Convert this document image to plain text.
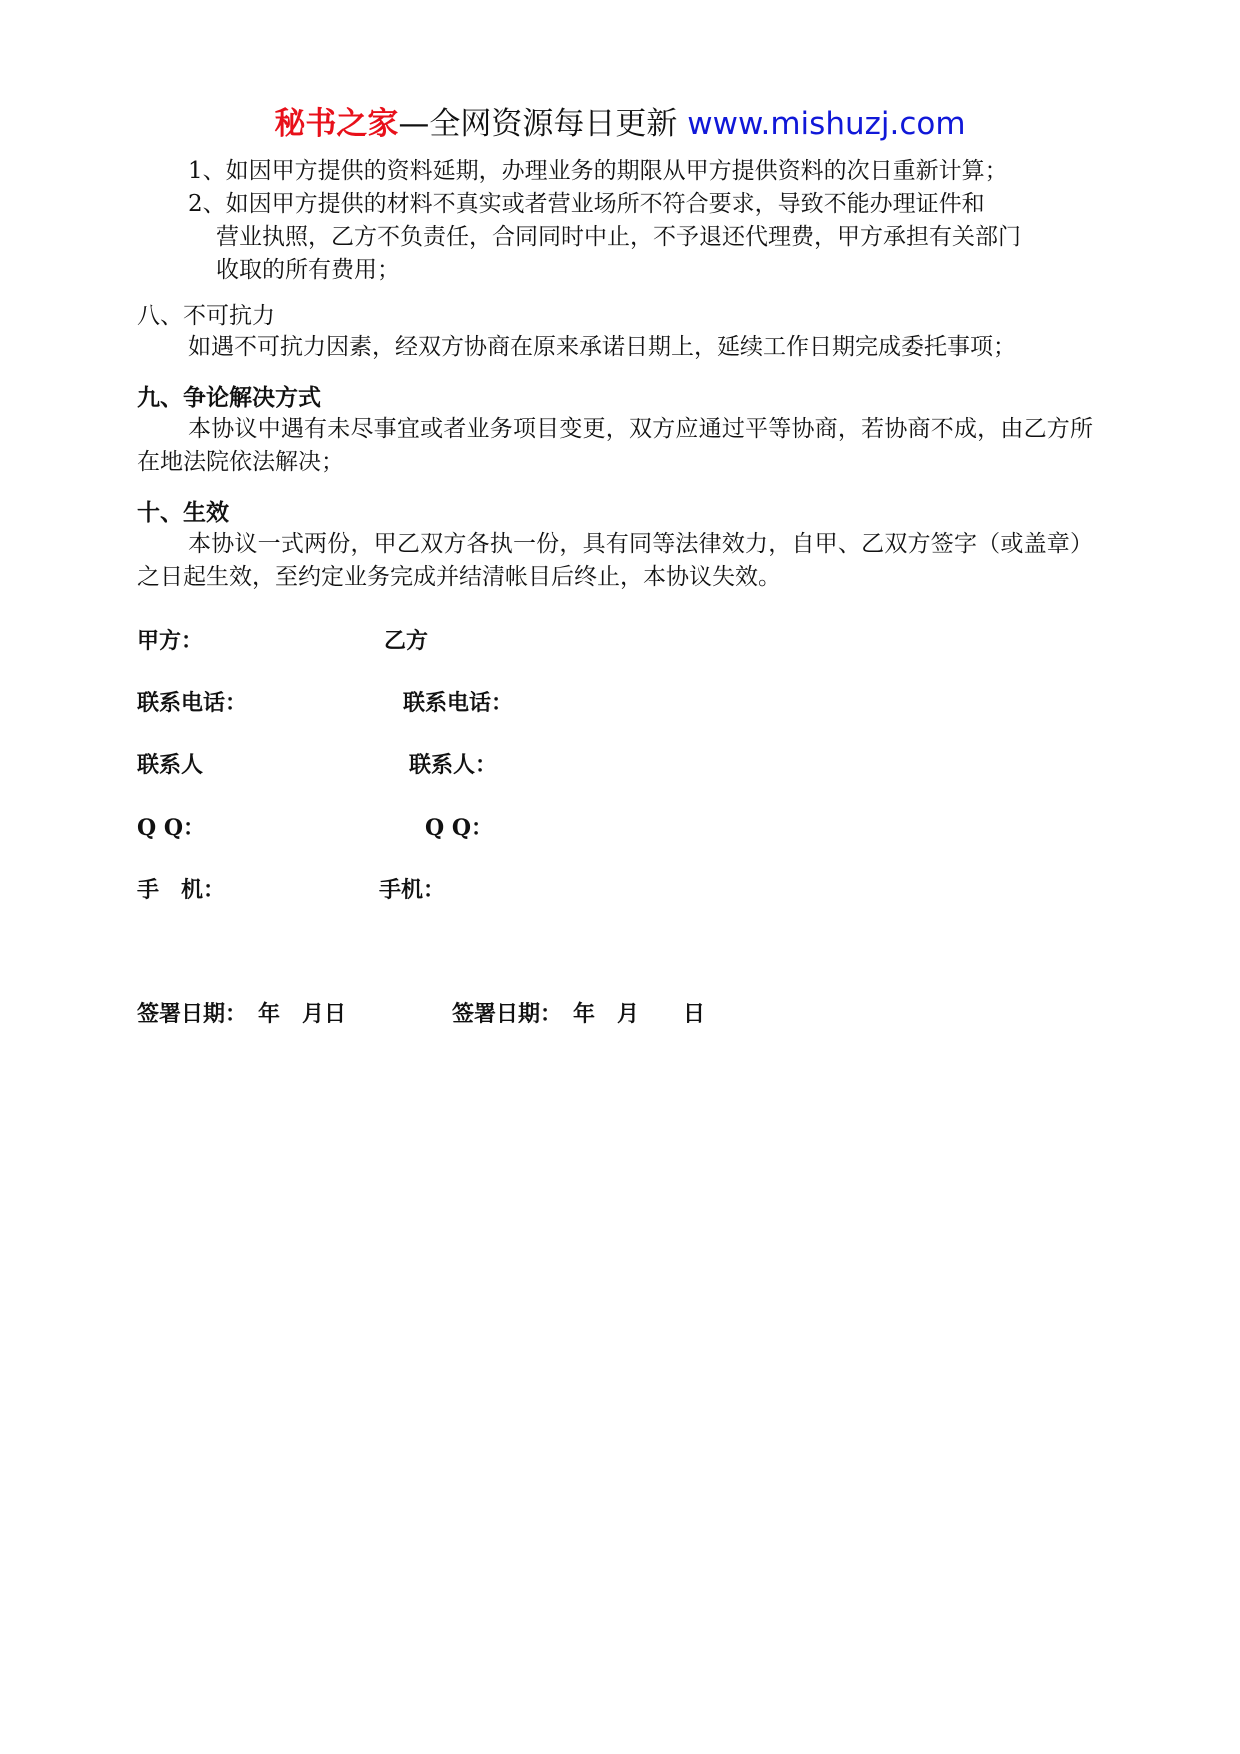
秘书之家—全网资源每日更新 www.mishuzj.com
1、如因甲方提供的资料延期，办理业务的期限从甲方提供资料的次日重新计算；
2、如因甲方提供的材料不真实或者营业场所不符合要求，导致不能办理证件和
营业执照，乙方不负责任，合同同时中止，不予退还代理费，甲方承担有关部门
收取的所有费用；
八、不可抗力
如遇不可抗力因素，经双方协商在原来承诺日期上，延续工作日期完成委托事项；
九、争论解决方式
本协议中遇有未尽事宜或者业务项目变更，双方应通过平等协商，若协商不成，由乙方所在地法院依法解决；
十、生效
本协议一式两份，甲乙双方各执一份，具有同等法律效力，自甲、乙双方签字（或盖章）之日起生效，至约定业务完成并结清帐目后终止，本协议失效。
甲方：	乙方
联系电话：	联系电话：
联系人	联系人：
Q Q：	Q Q：
手　机：	手机：
签署日期：　年　月日	签署日期：　年　月　　日
